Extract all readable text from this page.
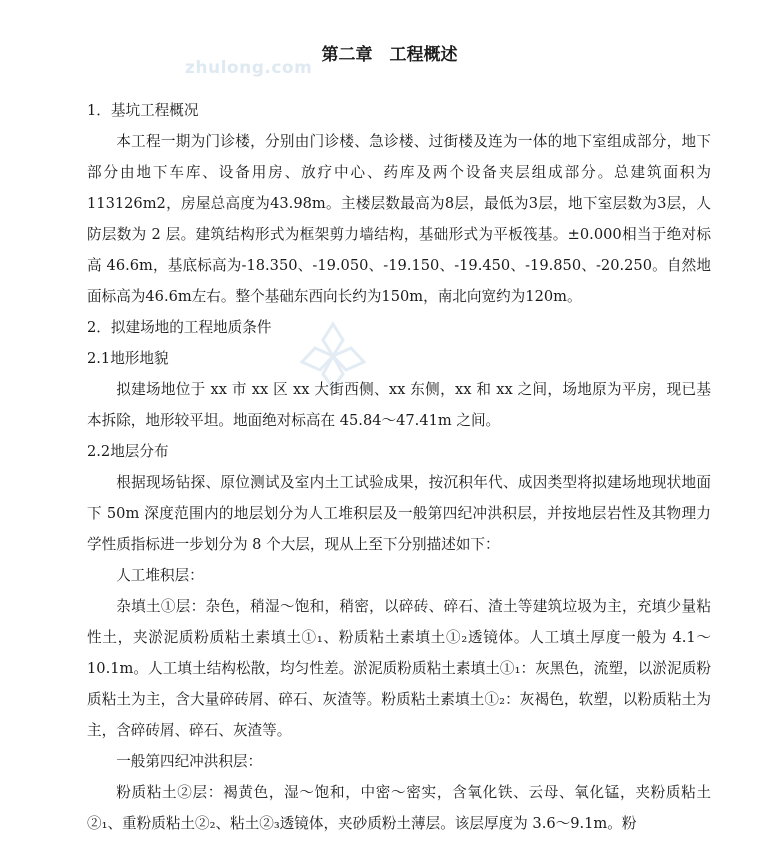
zhulong.com
第二章　工程概述

1．基坑工程概况

本工程一期为门诊楼，分别由门诊楼、急诊楼、过街楼及连为一体的地下室组成部分，地下部分由地下车库、设备用房、放疗中心、药库及两个设备夹层组成部分。总建筑面积为113126m2，房屋总高度为43.98m。主楼层数最高为8层，最低为3层，地下室层数为3层，人防层数为 2 层。建筑结构形式为框架剪力墙结构，基础形式为平板筏基。±0.000相当于绝对标高 46.6m，基底标高为-18.350、-19.050、-19.150、-19.450、-19.850、-20.250。自然地面标高为46.6m左右。整个基础东西向长约为150m，南北向宽约为120m。

2．拟建场地的工程地质条件

2.1地形地貌

拟建场地位于 xx 市 xx 区 xx 大街西侧、xx 东侧，xx 和 xx 之间，场地原为平房，现已基本拆除，地形较平坦。地面绝对标高在 45.84～47.41m 之间。

2.2地层分布

根据现场钻探、原位测试及室内土工试验成果，按沉积年代、成因类型将拟建场地现状地面下 50m 深度范围内的地层划分为人工堆积层及一般第四纪冲洪积层，并按地层岩性及其物理力学性质指标进一步划分为 8 个大层，现从上至下分别描述如下：

人工堆积层：

杂填土①层：杂色，稍湿～饱和，稍密，以碎砖、碎石、渣土等建筑垃圾为主，充填少量粘性土，夹淤泥质粉质粘土素填土①₁、粉质粘土素填土①₂透镜体。人工填土厚度一般为 4.1～10.1m。人工填土结构松散，均匀性差。淤泥质粉质粘土素填土①₁：灰黑色，流塑，以淤泥质粉质粘土为主，含大量碎砖屑、碎石、灰渣等。粉质粘土素填土①₂：灰褐色，软塑，以粉质粘土为主，含碎砖屑、碎石、灰渣等。

一般第四纪冲洪积层：

粉质粘土②层：褐黄色，湿～饱和，中密～密实，含氧化铁、云母、氧化锰，夹粉质粘土②₁、重粉质粘土②₂、粘土②₃透镜体，夹砂质粉土薄层。该层厚度为 3.6～9.1m。粉
